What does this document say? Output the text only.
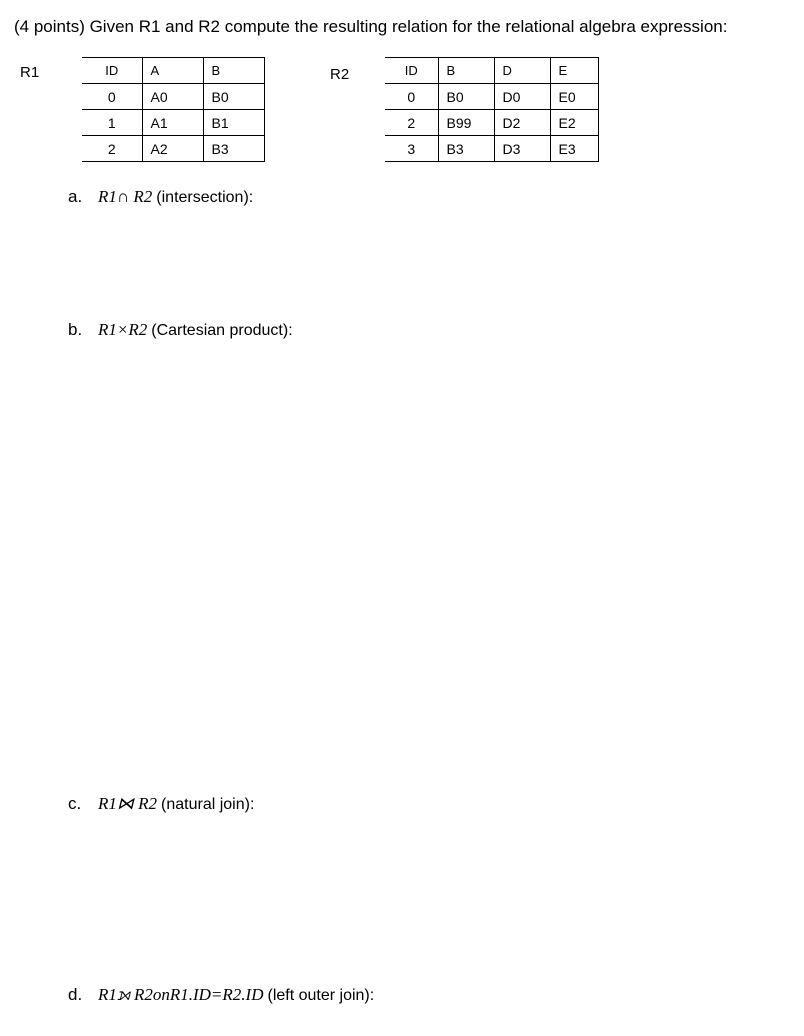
(4 points) Given R1 and R2 compute the resulting relation for the relational algebra expression:
R1	ID	A	B
0	A0	B0
1	A1	B1
2	A2	B3
R2	ID	B	D	E
0	B0	D0	E0
2	B99	D2	E2
3	B3	D3	E3
a. R1∩ R2 (intersection):
b. R1×R2 (Cartesian product):
c. R1⋈ R2 (natural join):
d. R1⟕ R2onR1.ID=R2.ID (left outer join):
